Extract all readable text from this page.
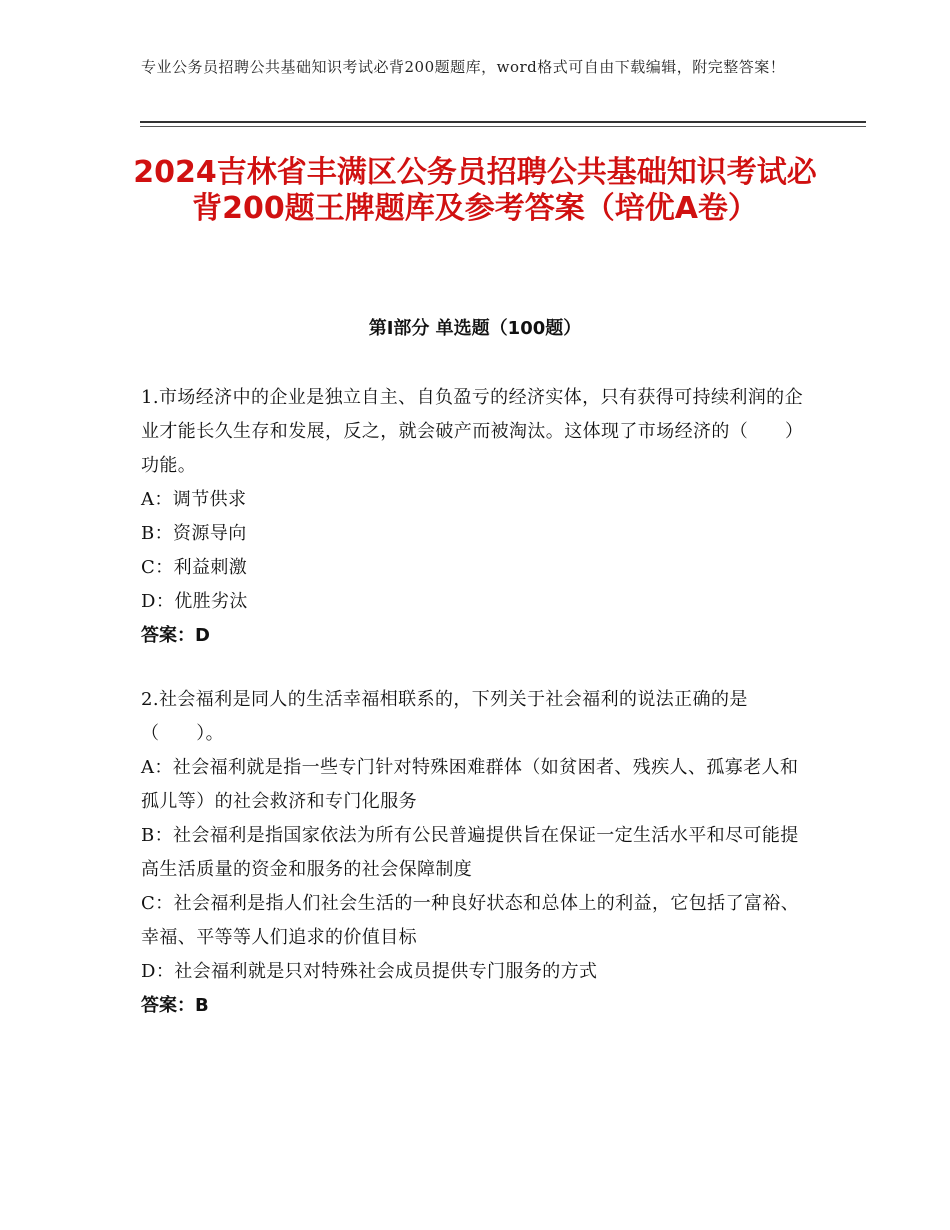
专业公务员招聘公共基础知识考试必背200题题库，word格式可自由下载编辑，附完整答案！
2024吉林省丰满区公务员招聘公共基础知识考试必背200题王牌题库及参考答案（培优A卷）
第Ⅰ部分 单选题（100题）
1.市场经济中的企业是独立自主、自负盈亏的经济实体，只有获得可持续利润的企业才能长久生存和发展，反之，就会破产而被淘汰。这体现了市场经济的（　　）功能。
A：调节供求
B：资源导向
C：利益刺激
D：优胜劣汰
答案：D
2.社会福利是同人的生活幸福相联系的，下列关于社会福利的说法正确的是（　　）。
A：社会福利就是指一些专门针对特殊困难群体（如贫困者、残疾人、孤寡老人和孤儿等）的社会救济和专门化服务
B：社会福利是指国家依法为所有公民普遍提供旨在保证一定生活水平和尽可能提高生活质量的资金和服务的社会保障制度
C：社会福利是指人们社会生活的一种良好状态和总体上的利益，它包括了富裕、幸福、平等等人们追求的价值目标
D：社会福利就是只对特殊社会成员提供专门服务的方式
答案：B
